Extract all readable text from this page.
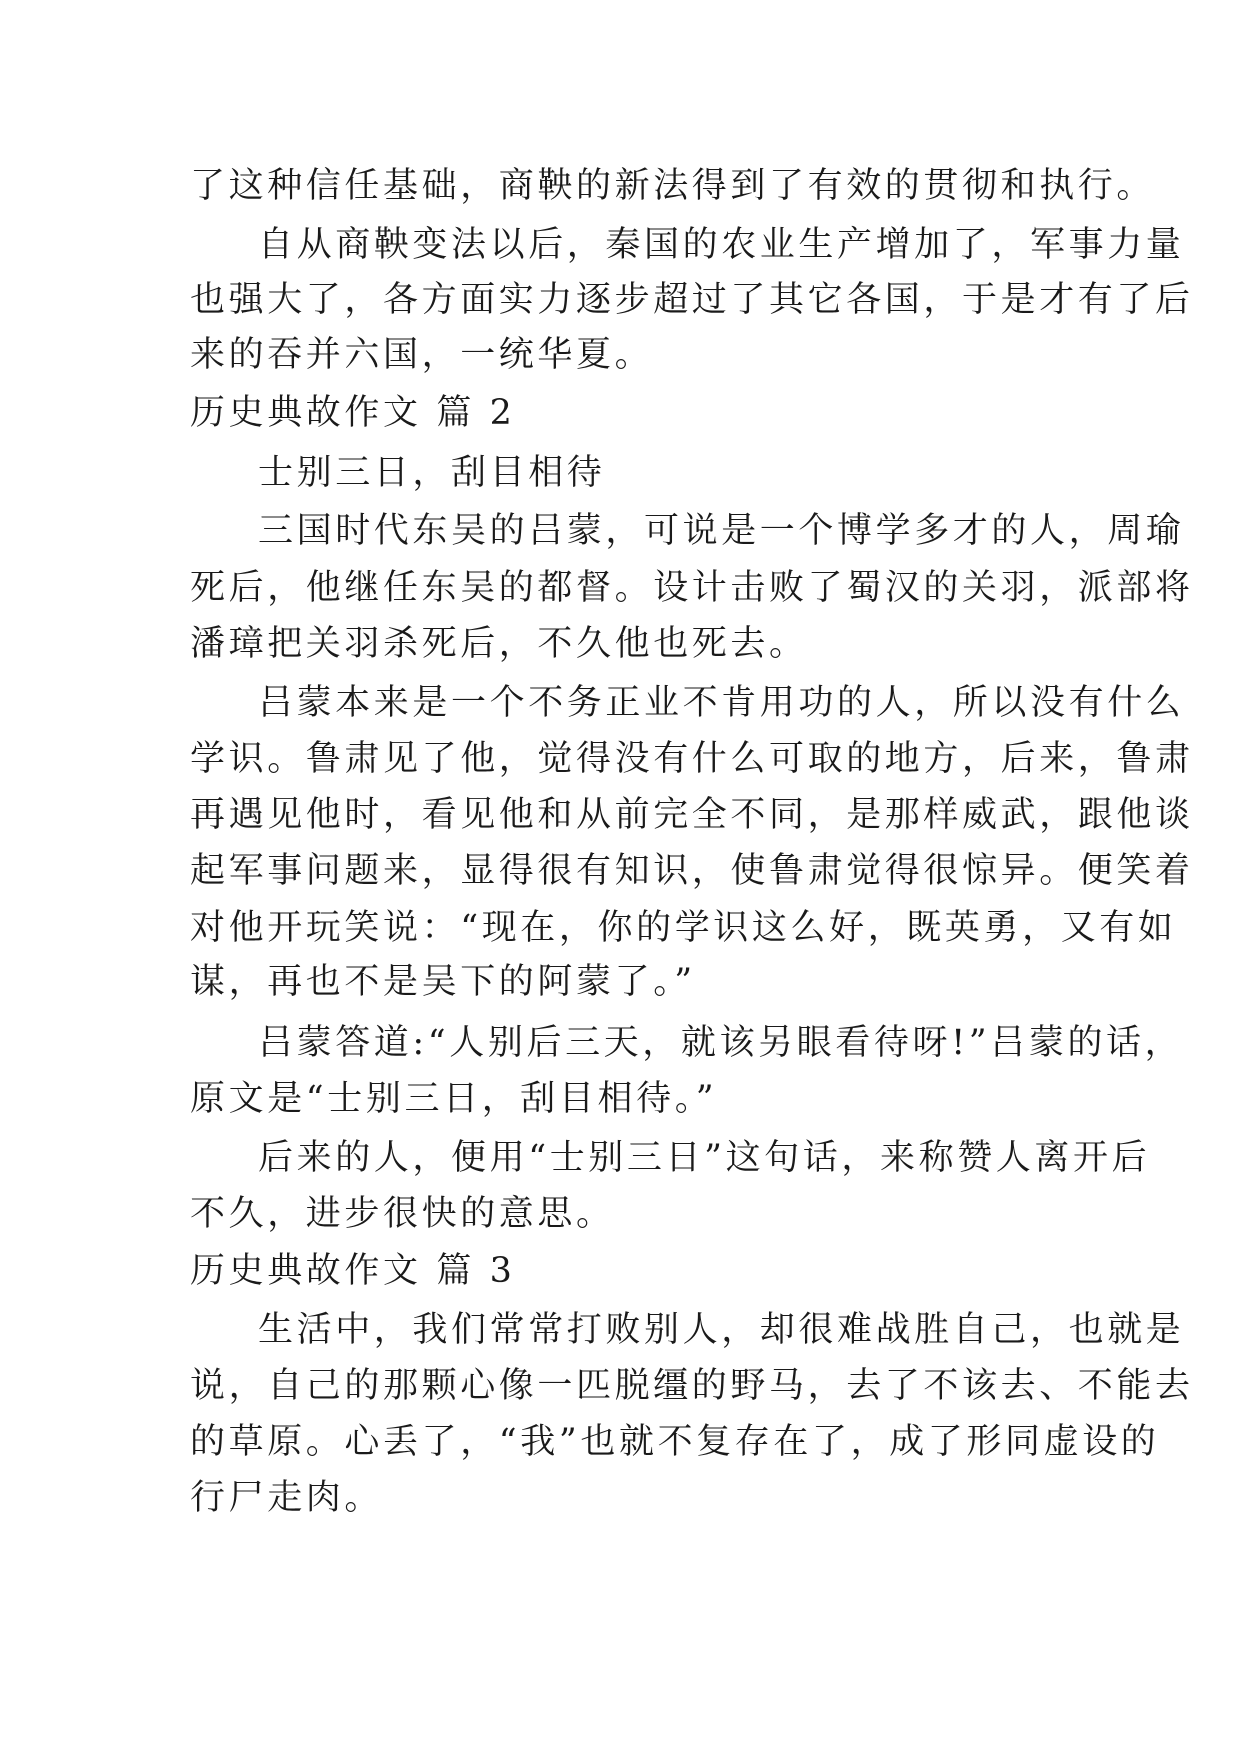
了这种信任基础，商鞅的新法得到了有效的贯彻和执行。
自从商鞅变法以后，秦国的农业生产增加了，军事力量
也强大了，各方面实力逐步超过了其它各国，于是才有了后
来的吞并六国，一统华夏。
历史典故作文 篇 2
士别三日，刮目相待
三国时代东吴的吕蒙，可说是一个博学多才的人，周瑜
死后，他继任东吴的都督。设计击败了蜀汉的关羽，派部将
潘璋把关羽杀死后，不久他也死去。
吕蒙本来是一个不务正业不肯用功的人，所以没有什么
学识。鲁肃见了他，觉得没有什么可取的地方，后来，鲁肃
再遇见他时，看见他和从前完全不同，是那样威武，跟他谈
起军事问题来，显得很有知识，使鲁肃觉得很惊异。便笑着
对他开玩笑说：“现在，你的学识这么好，既英勇，又有如
谋，再也不是吴下的阿蒙了。”
吕蒙答道:“人别后三天，就该另眼看待呀!”吕蒙的话，
原文是“士别三日，刮目相待。”
后来的人，便用“士别三日”这句话，来称赞人离开后
不久，进步很快的意思。
历史典故作文 篇 3
生活中，我们常常打败别人，却很难战胜自己，也就是
说，自己的那颗心像一匹脱缰的野马，去了不该去、不能去
的草原。心丢了，“我”也就不复存在了，成了形同虚设的
行尸走肉。
